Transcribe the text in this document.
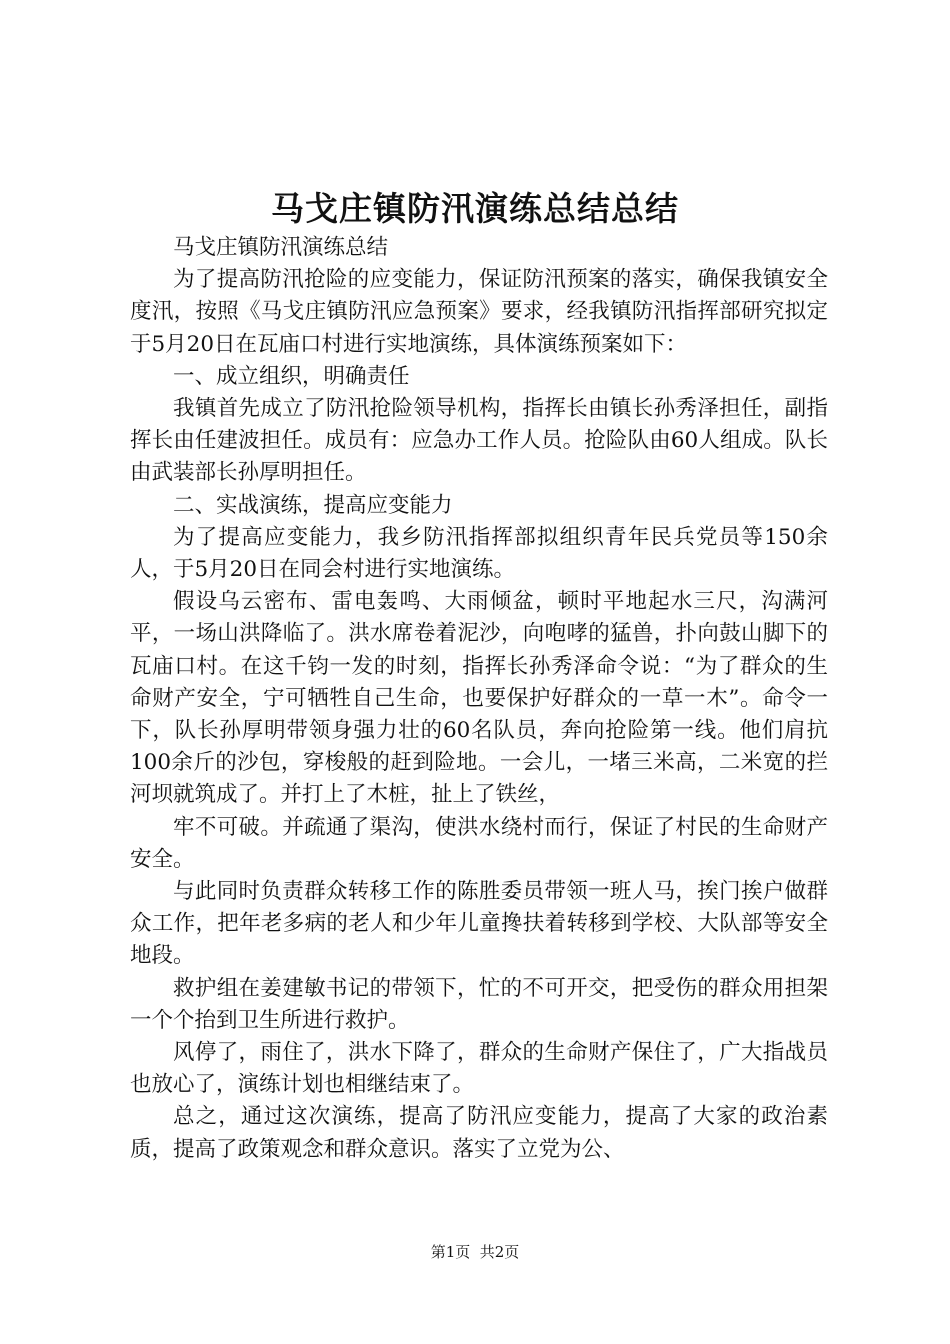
马戈庄镇防汛演练总结总结

马戈庄镇防汛演练总结

为了提高防汛抢险的应变能力，保证防汛预案的落实，确保我镇安全度汛，按照《马戈庄镇防汛应急预案》要求，经我镇防汛指挥部研究拟定于5月20日在瓦庙口村进行实地演练，具体演练预案如下：

一、成立组织，明确责任

我镇首先成立了防汛抢险领导机构，指挥长由镇长孙秀泽担任，副指挥长由任建波担任。成员有：应急办工作人员。抢险队由60人组成。队长由武装部长孙厚明担任。

二、实战演练，提高应变能力

为了提高应变能力，我乡防汛指挥部拟组织青年民兵党员等150余人，于5月20日在同会村进行实地演练。

假设乌云密布、雷电轰鸣、大雨倾盆，顿时平地起水三尺，沟满河平，一场山洪降临了。洪水席卷着泥沙，向咆哮的猛兽，扑向鼓山脚下的瓦庙口村。在这千钧一发的时刻，指挥长孙秀泽命令说：“为了群众的生命财产安全，宁可牺牲自己生命，也要保护好群众的一草一木”。命令一下，队长孙厚明带领身强力壮的60名队员，奔向抢险第一线。他们肩抗100余斤的沙包，穿梭般的赶到险地。一会儿，一堵三米高，二米宽的拦河坝就筑成了。并打上了木桩，扯上了铁丝，

牢不可破。并疏通了渠沟，使洪水绕村而行，保证了村民的生命财产安全。

与此同时负责群众转移工作的陈胜委员带领一班人马，挨门挨户做群众工作，把年老多病的老人和少年儿童搀扶着转移到学校、大队部等安全地段。

救护组在姜建敏书记的带领下，忙的不可开交，把受伤的群众用担架一个个抬到卫生所进行救护。

风停了，雨住了，洪水下降了，群众的生命财产保住了，广大指战员也放心了，演练计划也相继结束了。

总之，通过这次演练，提高了防汛应变能力，提高了大家的政治素质，提高了政策观念和群众意识。落实了立党为公、

第1页  共2页
